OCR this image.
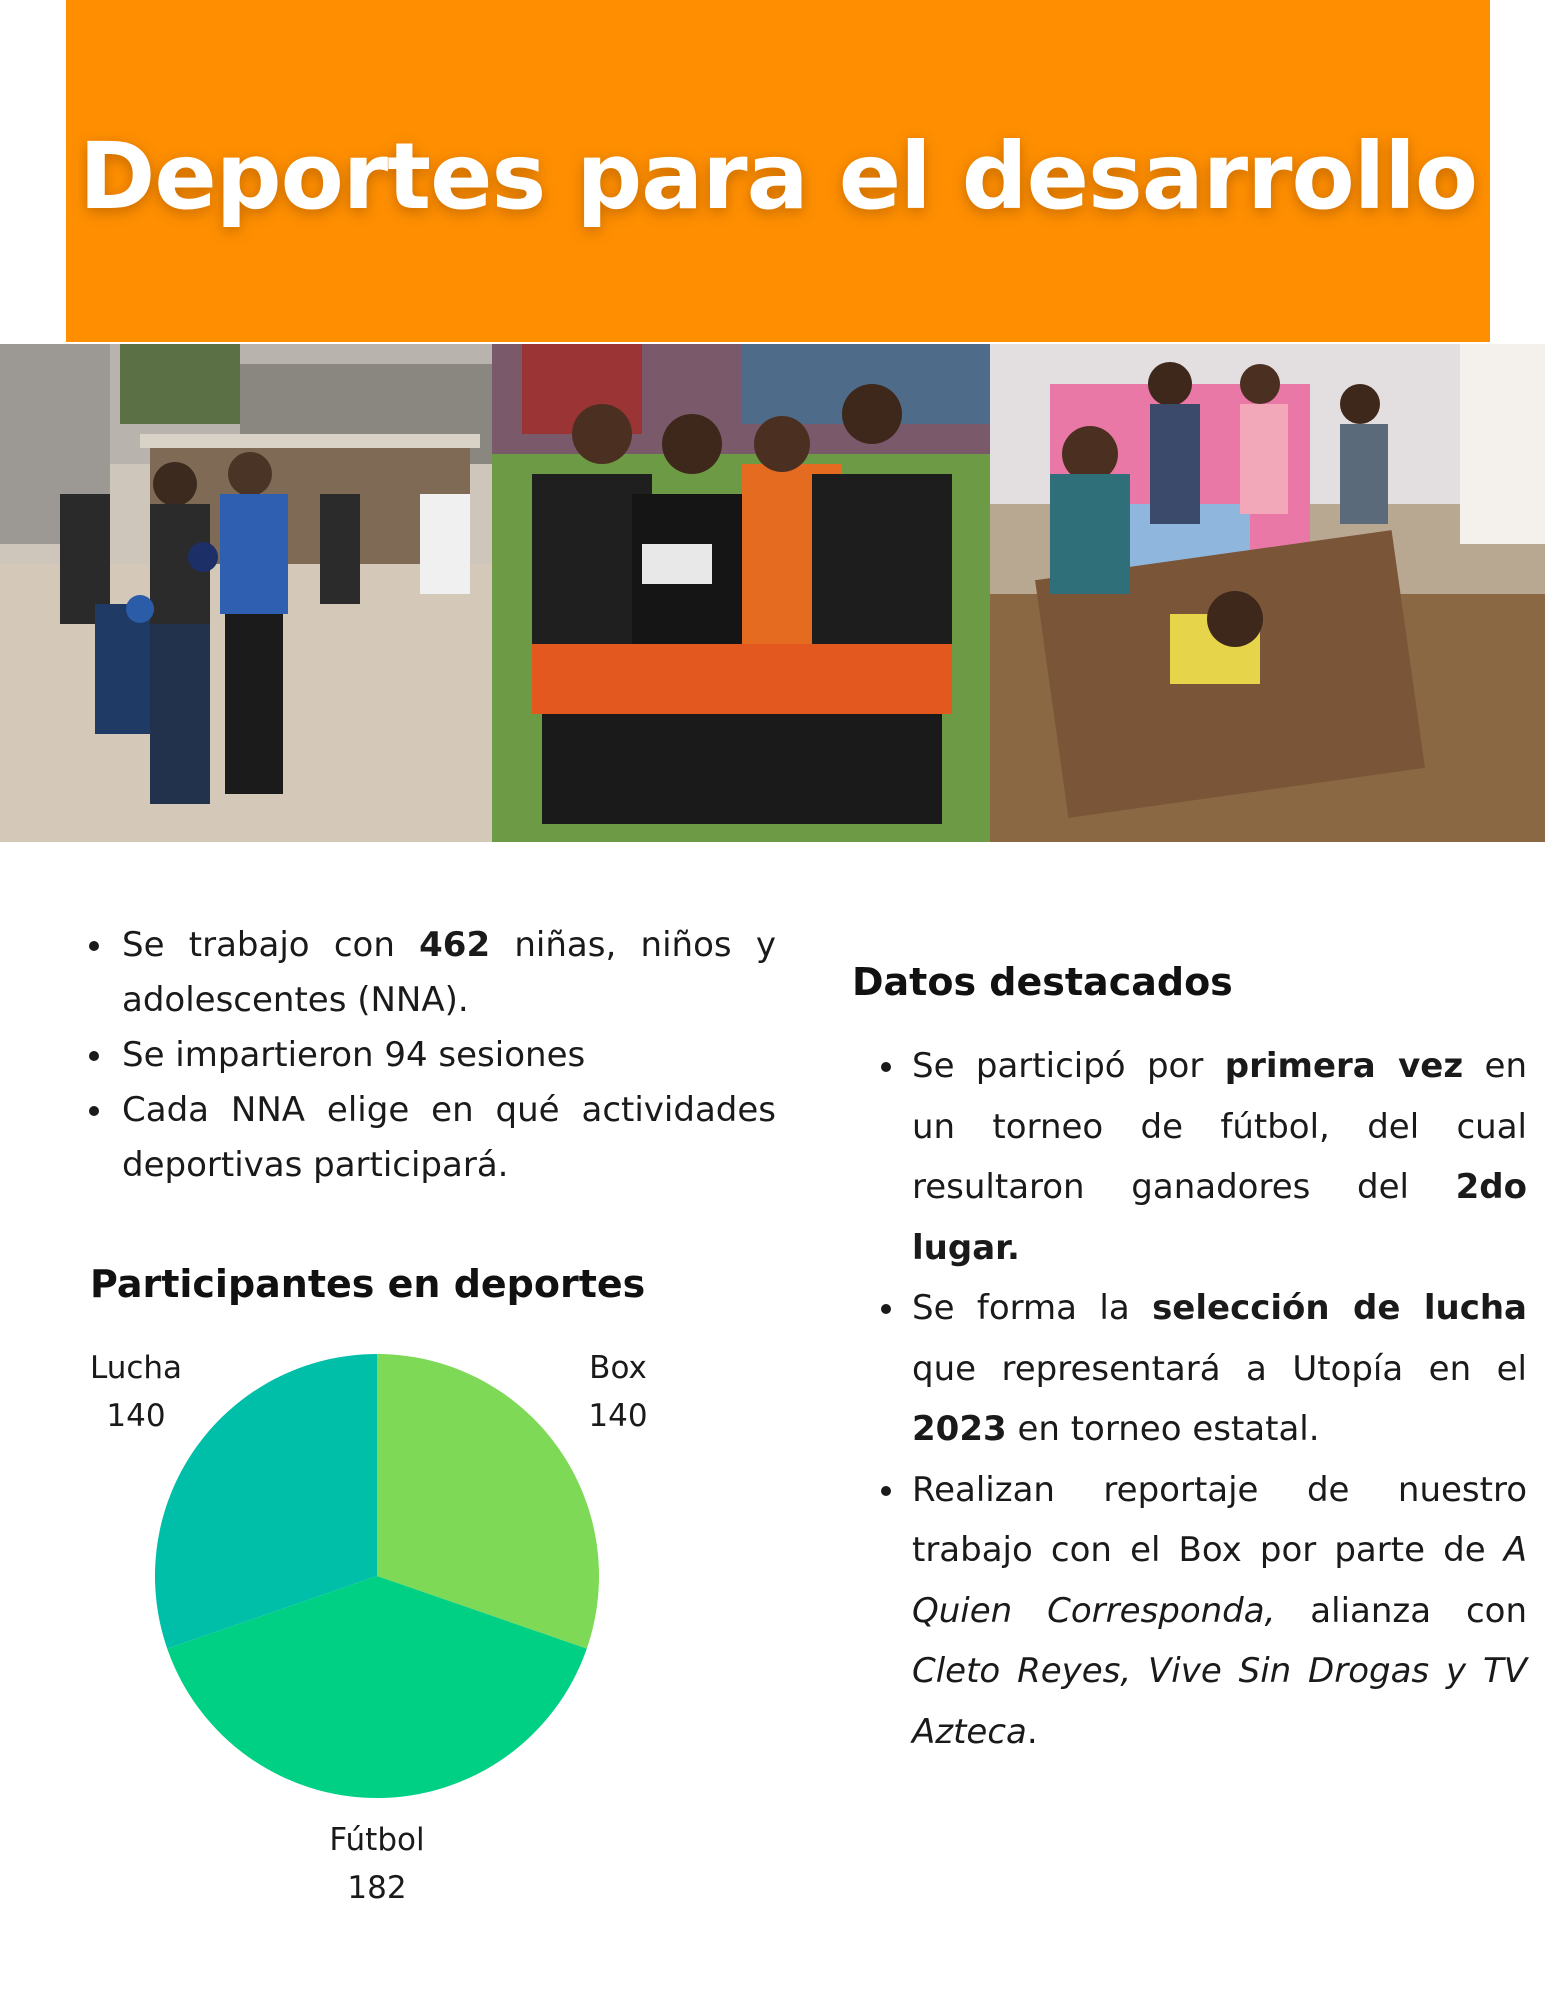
Deportes para el desarrollo
• Se trabajo con 462 niñas, niños y adolescentes (NNA).
• Se impartieron 94 sesiones
• Cada NNA elige en qué actividades deportivas participará.
Participantes en deportes
Box
140
Fútbol
182
Lucha
140
Datos destacados
• Se participó por primera vez en un torneo de fútbol, del cual resultaron ganadores del 2do lugar.
• Se forma la selección de lucha que representará a Utopía en el 2023 en torneo estatal.
• Realizan reportaje de nuestro trabajo con el Box por parte de A Quien Corresponda, alianza con Cleto Reyes, Vive Sin Drogas y TV Azteca.
